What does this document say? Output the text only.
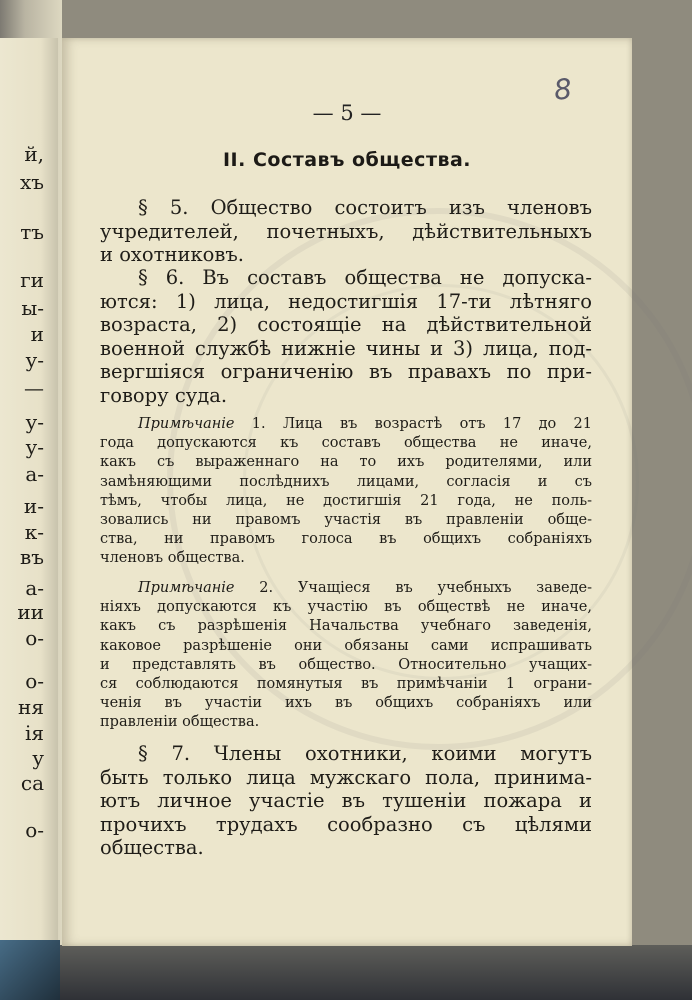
й,
хъ
тъ
ги
ы-
и
у-
—
у-
у-
а-
и-
к-
въ
а-
ии
о-
о-
ня
ія
у
са
о-
— 5 —
8
II. Составъ общества.
§ 5. Общество состоитъ изъ членовъ
учредителей, почетныхъ, дѣйствительныхъ
и охотниковъ.
§ 6. Въ составъ общества не допуска-
ются: 1) лица, недостигшія 17-ти лѣтняго
возраста, 2) состоящіе на дѣйствительной
военной службѣ нижніе чины и 3) лица, под-
вергшіяся ограниченію въ правахъ по при-
говору суда.
Примѣчаніе 1. Лица въ возрастѣ отъ 17 до 21
года допускаются къ составъ общества не иначе,
какъ съ выраженнаго на то ихъ родителями, или
замѣняющими послѣднихъ лицами, согласія и съ
тѣмъ, чтобы лица, не достигшія 21 года, не поль-
зовались ни правомъ участія въ правленіи обще-
ства, ни правомъ голоса въ общихъ собраніяхъ
членовъ общества.
Примѣчаніе 2. Учащіеся въ учебныхъ заведе-
ніяхъ допускаются къ участію въ обществѣ не иначе,
какъ съ разрѣшенія Начальства учебнаго заведенія,
каковое разрѣшеніе они обязаны сами испрашивать
и представлять въ общество. Относительно учащих-
ся соблюдаются помянутыя въ примѣчаніи 1 ограни-
ченія въ участіи ихъ въ общихъ собраніяхъ или
правленіи общества.
§ 7. Члены охотники, коими могутъ
быть только лица мужскаго пола, принима-
ютъ личное участіе въ тушеніи пожара и
прочихъ трудахъ сообразно съ цѣлями
общества.
